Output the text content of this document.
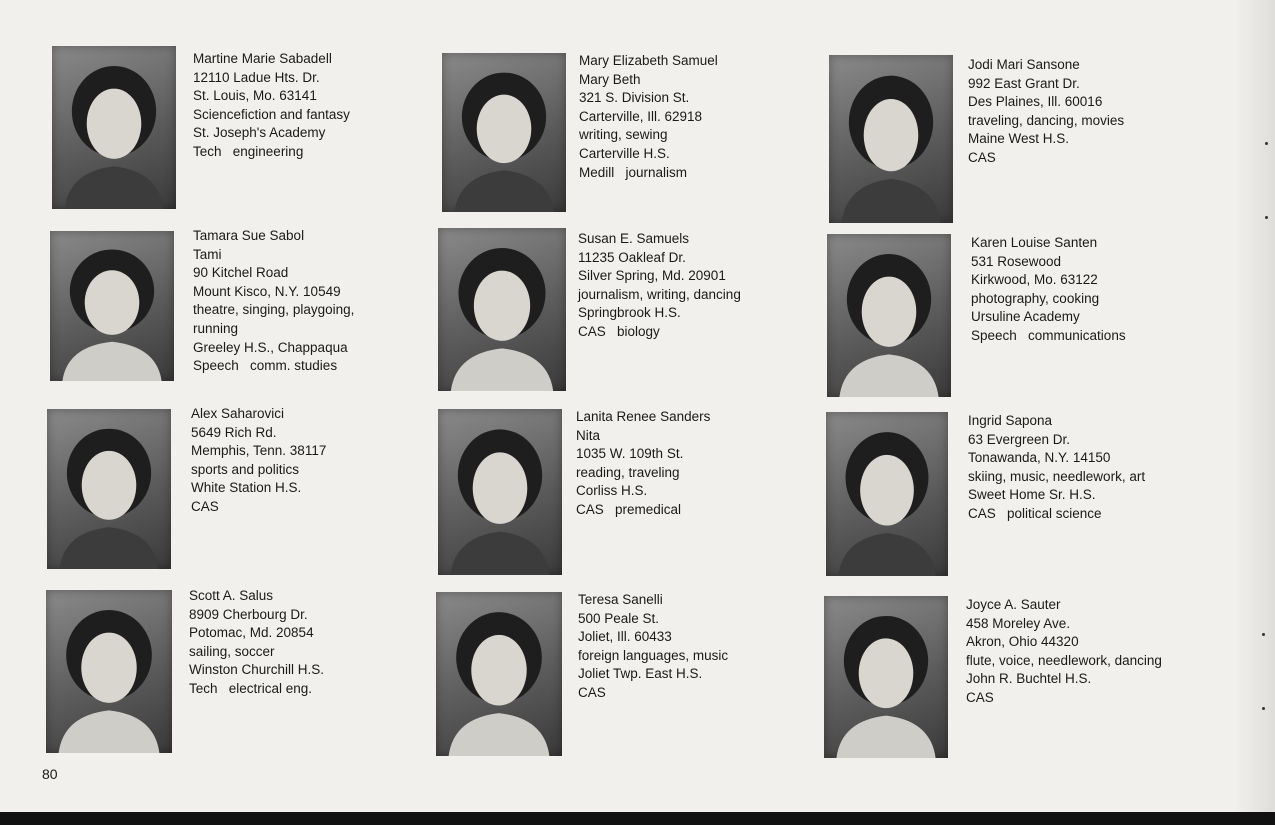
Martine Marie Sabadell
12110 Ladue Hts. Dr.
St. Louis, Mo. 63141
Sciencefiction and fantasy
St. Joseph's Academy
Tech   engineering
Tamara Sue Sabol
Tami
90 Kitchel Road
Mount Kisco, N.Y. 10549
theatre, singing, playgoing,
running
Greeley H.S., Chappaqua
Speech   comm. studies
Alex Saharovici
5649 Rich Rd.
Memphis, Tenn. 38117
sports and politics
White Station H.S.
CAS
Scott A. Salus
8909 Cherbourg Dr.
Potomac, Md. 20854
sailing, soccer
Winston Churchill H.S.
Tech   electrical eng.
Mary Elizabeth Samuel
Mary Beth
321 S. Division St.
Carterville, Ill. 62918
writing, sewing
Carterville H.S.
Medill   journalism
Susan E. Samuels
11235 Oakleaf Dr.
Silver Spring, Md. 20901
journalism, writing, dancing
Springbrook H.S.
CAS   biology
Lanita Renee Sanders
Nita
1035 W. 109th St.
reading, traveling
Corliss H.S.
CAS   premedical
Teresa Sanelli
500 Peale St.
Joliet, Ill. 60433
foreign languages, music
Joliet Twp. East H.S.
CAS
Jodi Mari Sansone
992 East Grant Dr.
Des Plaines, Ill. 60016
traveling, dancing, movies
Maine West H.S.
CAS
Karen Louise Santen
531 Rosewood
Kirkwood, Mo. 63122
photography, cooking
Ursuline Academy
Speech   communications
Ingrid Sapona
63 Evergreen Dr.
Tonawanda, N.Y. 14150
skiing, music, needlework, art
Sweet Home Sr. H.S.
CAS   political science
Joyce A. Sauter
458 Moreley Ave.
Akron, Ohio 44320
flute, voice, needlework, dancing
John R. Buchtel H.S.
CAS
80
